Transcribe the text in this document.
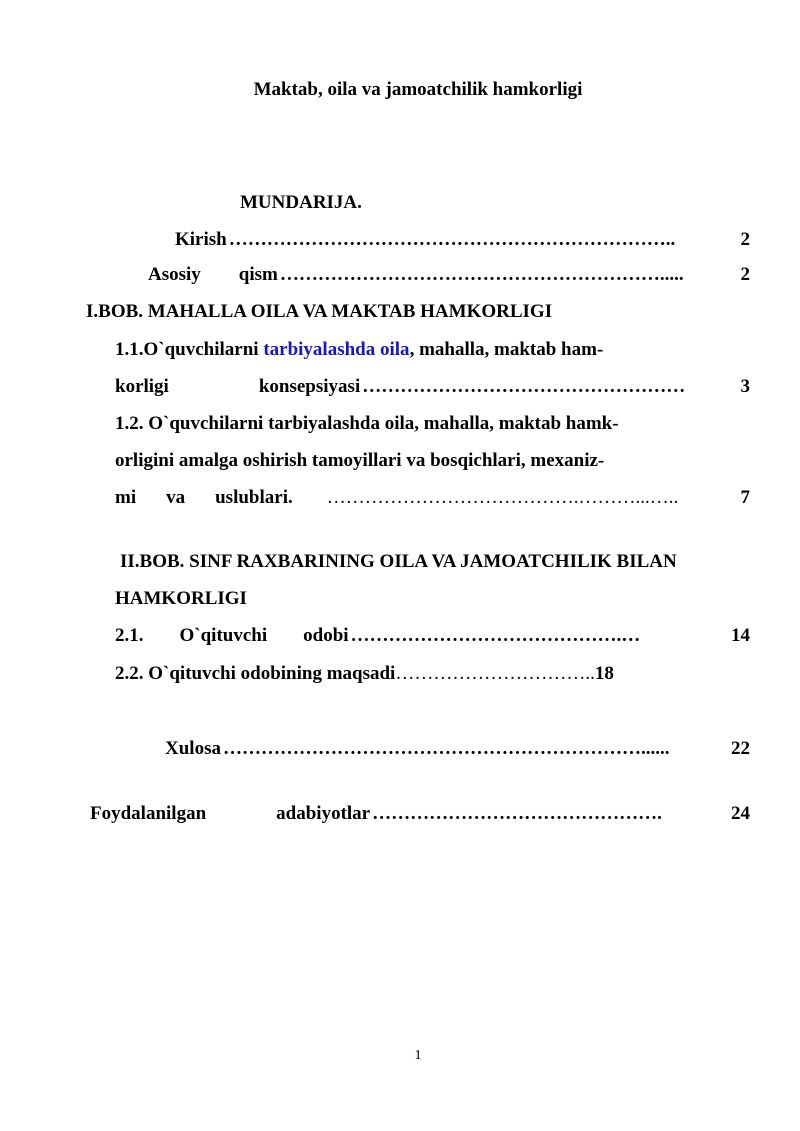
Maktab, oila va jamoatchilik hamkorligi
MUNDARIJA.
Kirish ……………………………………………………………..	2
Asosiy qism …………………………………………………….....	2
I.BOB. MAHALLA OILA VA MAKTAB HAMKORLIGI
1.1.O`quvchilarni tarbiyalashda oila, mahalla, maktab ham-
korligi	konsepsiyasi ……………………………………………	3
1.2. O`quvchilarni tarbiyalashda oila, mahalla, maktab hamk-
orligini amalga oshirish tamoyillari va bosqichlari, mexaniz-
mi va uslublari. ………………………………….………...…..	7
II.BOB. SINF RAXBARINING OILA VA JAMOATCHILIK BILAN
HAMKORLIGI
2.1. O`qituvchi odobi …………………………………….…	14
2.2. O`qituvchi odobining maqsadi…………………………..18
Xulosa …………………………………………………………......	22
Foydalanilgan	adabiyotlar ……………………………………….	24
1
